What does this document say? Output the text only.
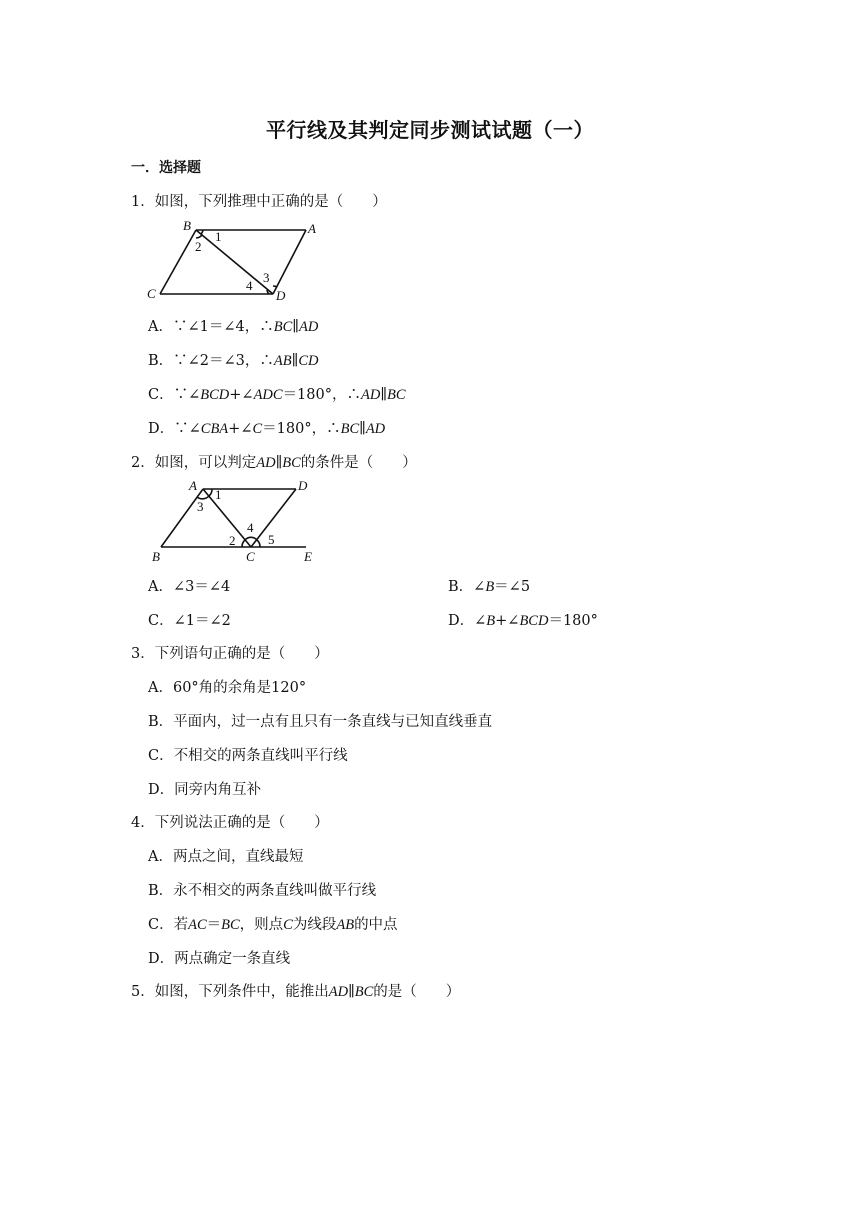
平行线及其判定同步测试试题（一）
一．选择题
1．如图，下列推理中正确的是（　　）
B	A
C	D
1
2
3
4
A．∵∠1＝∠4，∴BC∥AD
B．∵∠2＝∠3，∴AB∥CD
C．∵∠BCD+∠ADC＝180°，∴AD∥BC
D．∵∠CBA+∠C＝180°，∴BC∥AD
2．如图，可以判定AD∥BC的条件是（　　）
A	D
B	C	E
1
2
3
4
5
A．∠3＝∠4	B．∠B＝∠5
C．∠1＝∠2	D．∠B+∠BCD＝180°
3．下列语句正确的是（　　）
A．60°角的余角是120°
B．平面内，过一点有且只有一条直线与已知直线垂直
C．不相交的两条直线叫平行线
D．同旁内角互补
4．下列说法正确的是（　　）
A．两点之间，直线最短
B．永不相交的两条直线叫做平行线
C．若AC＝BC，则点C为线段AB的中点
D．两点确定一条直线
5．如图，下列条件中，能推出AD∥BC的是（　　）
